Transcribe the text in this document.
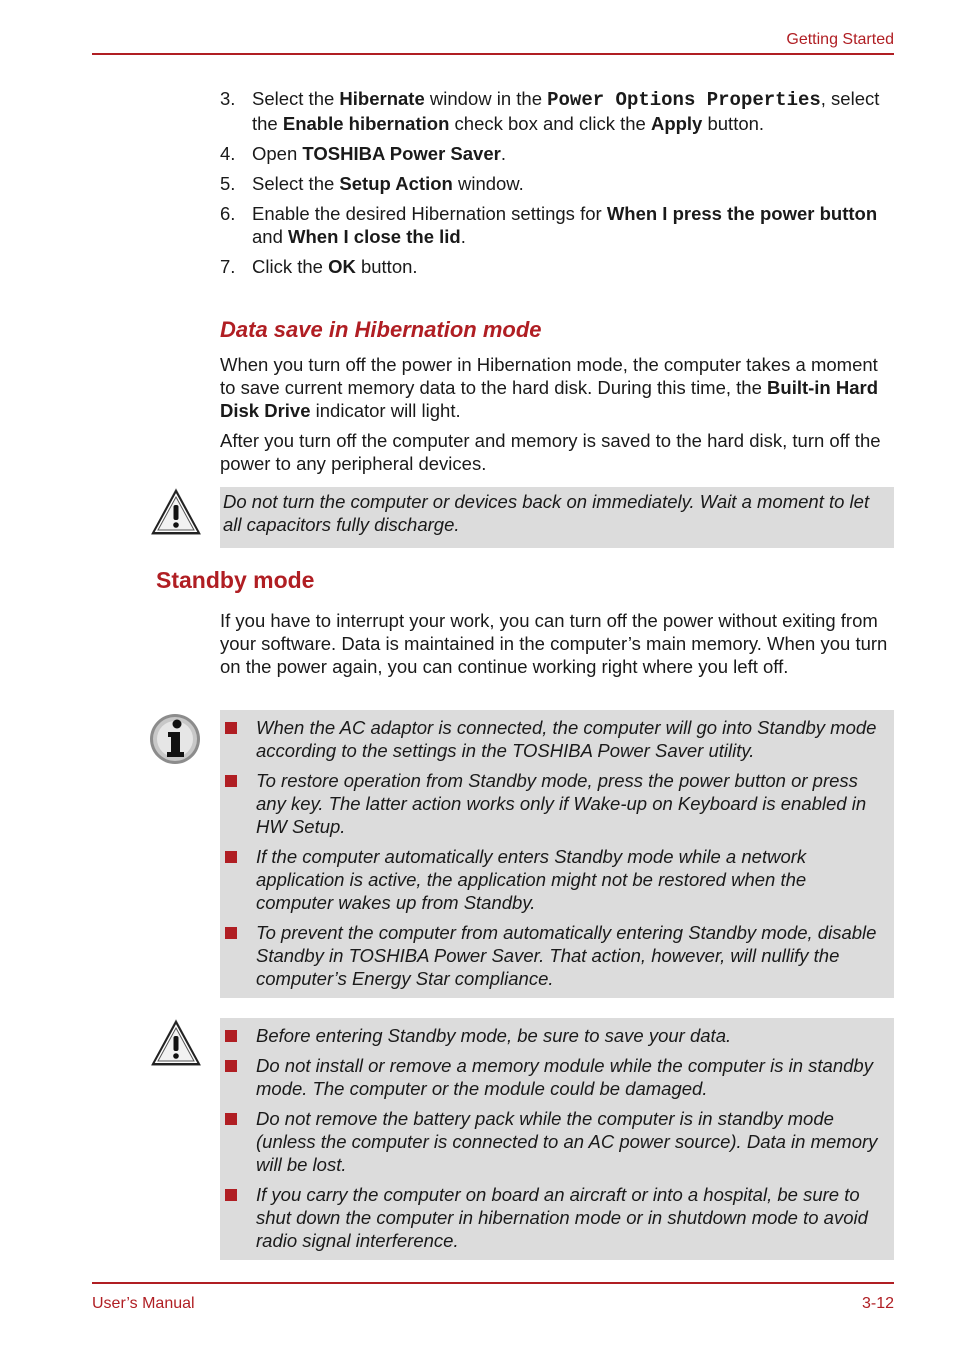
Getting Started
3. Select the Hibernate window in the Power Options Properties, select the Enable hibernation check box and click the Apply button.
4. Open TOSHIBA Power Saver.
5. Select the Setup Action window.
6. Enable the desired Hibernation settings for When I press the power button and When I close the lid.
7. Click the OK button.
Data save in Hibernation mode
When you turn off the power in Hibernation mode, the computer takes a moment to save current memory data to the hard disk. During this time, the Built-in Hard Disk Drive indicator will light.
After you turn off the computer and memory is saved to the hard disk, turn off the power to any peripheral devices.
Do not turn the computer or devices back on immediately. Wait a moment to let all capacitors fully discharge.
Standby mode
If you have to interrupt your work, you can turn off the power without exiting from your software. Data is maintained in the computer’s main memory. When you turn on the power again, you can continue working right where you left off.
When the AC adaptor is connected, the computer will go into Standby mode according to the settings in the TOSHIBA Power Saver utility.
To restore operation from Standby mode, press the power button or press any key. The latter action works only if Wake-up on Keyboard is enabled in HW Setup.
If the computer automatically enters Standby mode while a network application is active, the application might not be restored when the computer wakes up from Standby.
To prevent the computer from automatically entering Standby mode, disable Standby in TOSHIBA Power Saver. That action, however, will nullify the computer’s Energy Star compliance.
Before entering Standby mode, be sure to save your data.
Do not install or remove a memory module while the computer is in standby mode. The computer or the module could be damaged.
Do not remove the battery pack while the computer is in standby mode (unless the computer is connected to an AC power source). Data in memory will be lost.
If you carry the computer on board an aircraft or into a hospital, be sure to shut down the computer in hibernation mode or in shutdown mode to avoid radio signal interference.
User’s Manual	3-12
